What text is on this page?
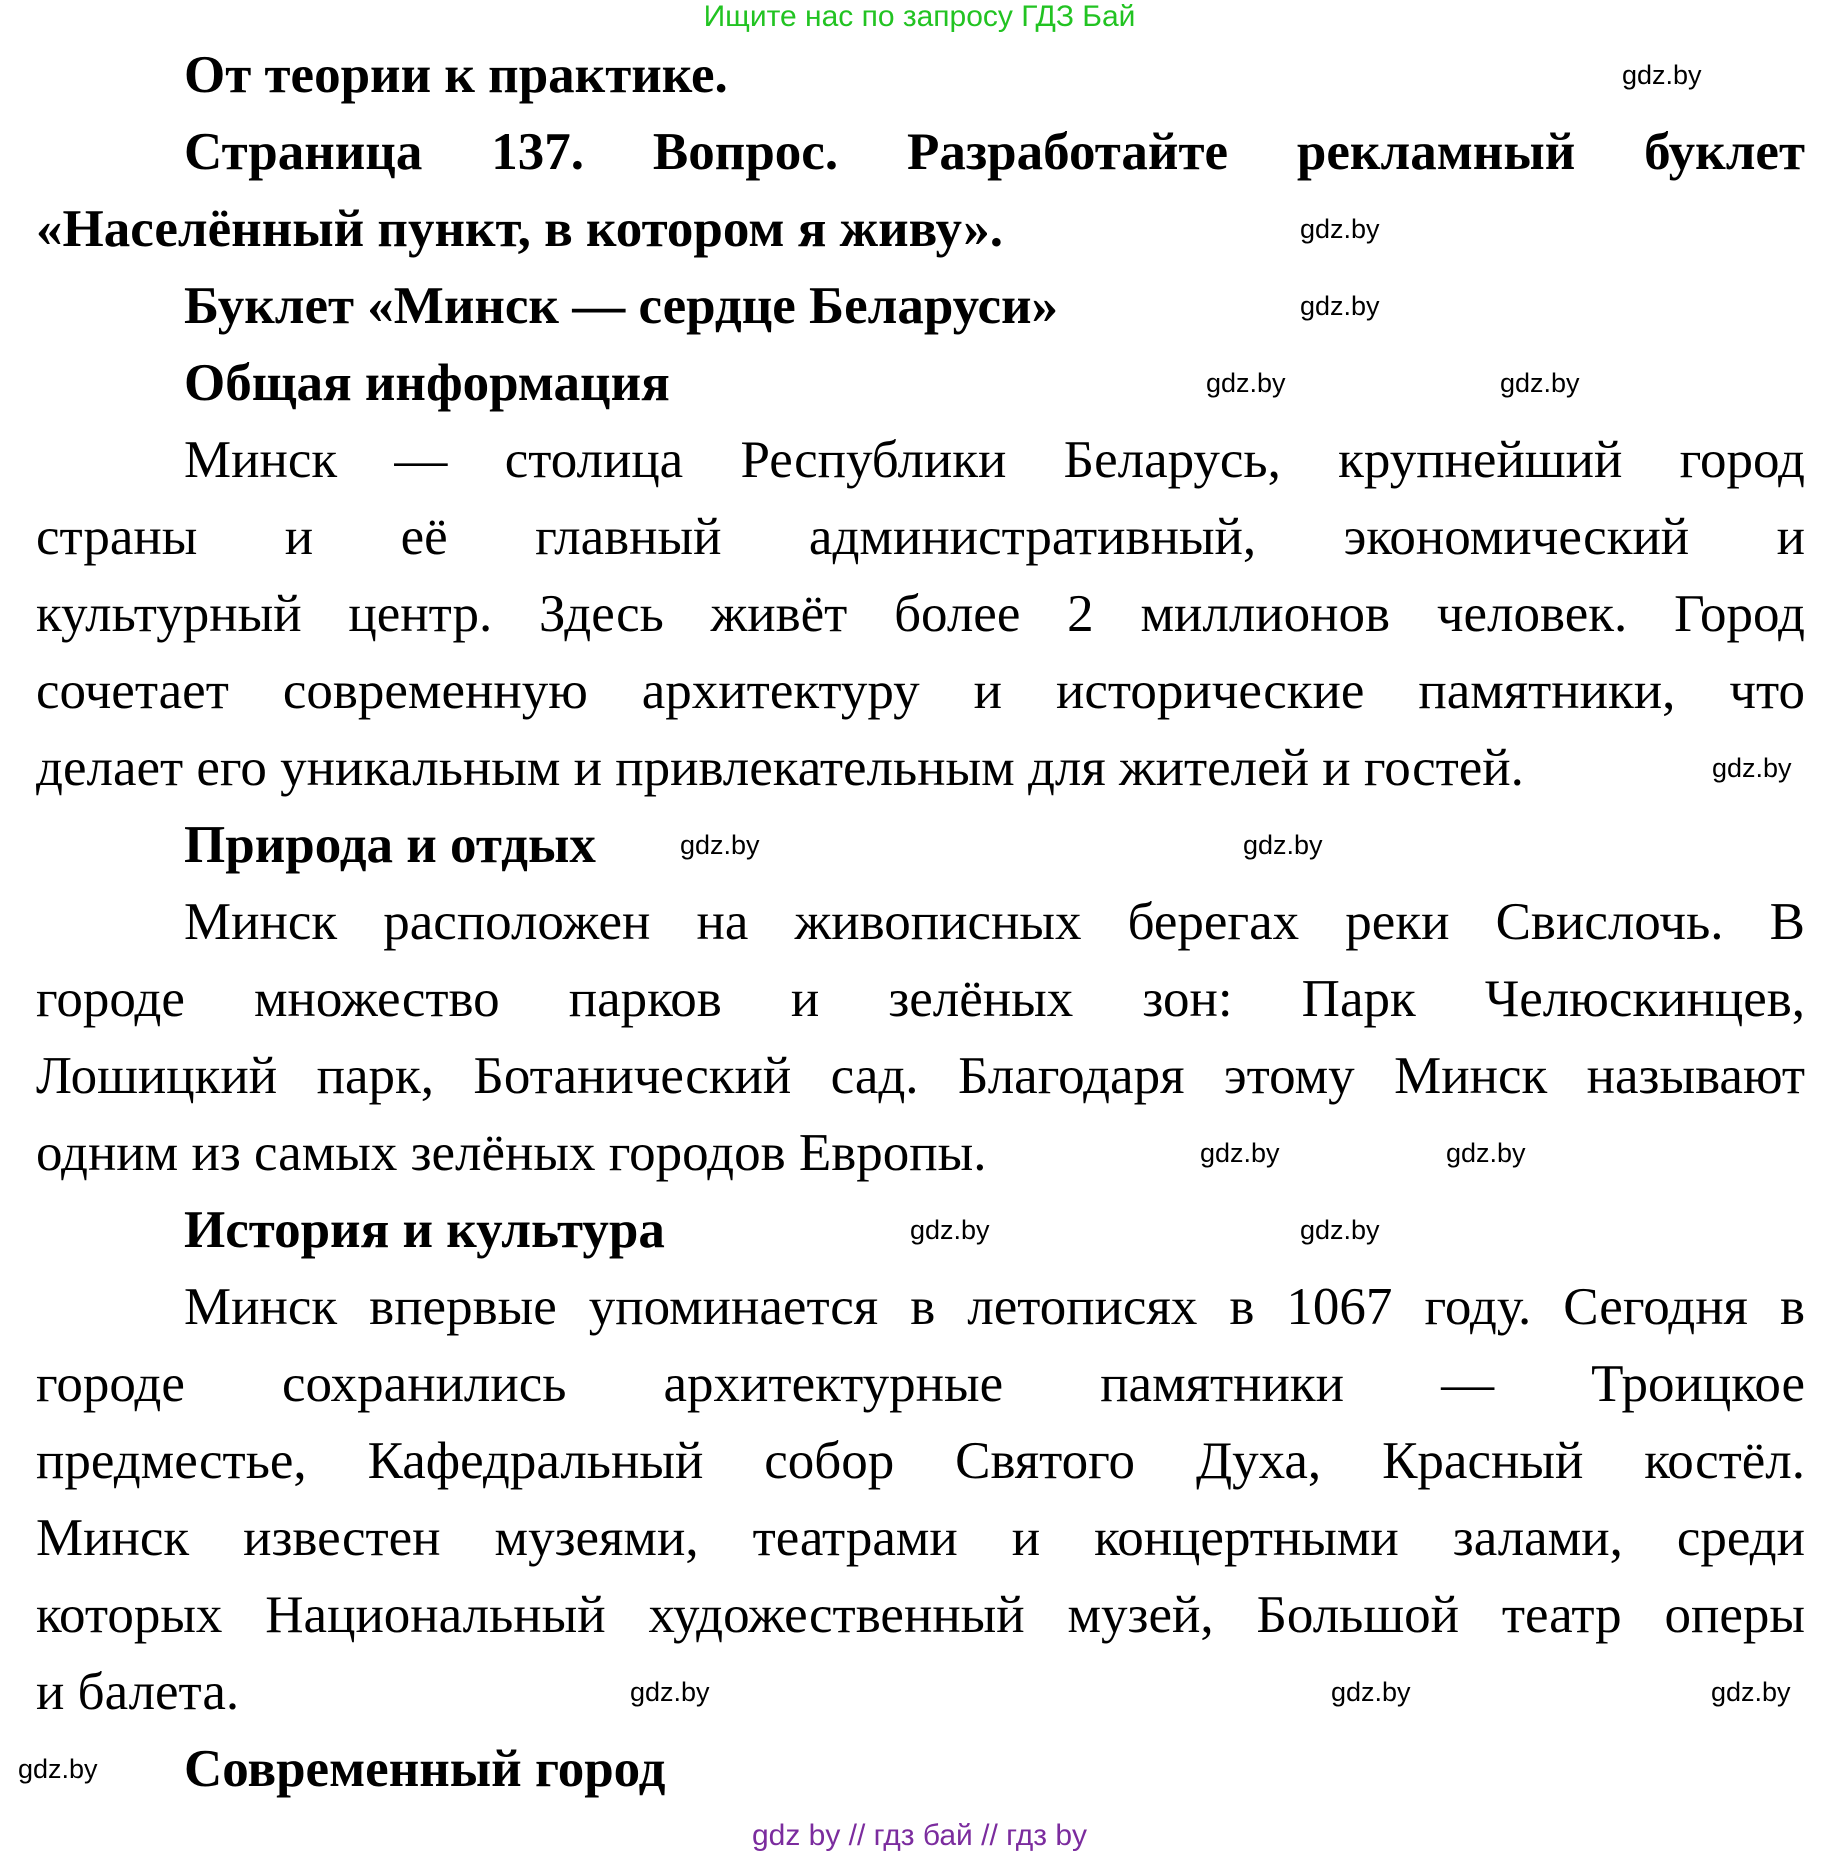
Ищите нас по запросу ГДЗ Бай
От теории к практике.
Страница 137. Вопрос. Разработайте рекламный буклет
«Населённый пункт, в котором я живу».
Буклет «Минск — сердце Беларуси»
Общая информация
Минск — столица Республики Беларусь, крупнейший город
страны и её главный административный, экономический и
культурный центр. Здесь живёт более 2 миллионов человек. Город
сочетает современную архитектуру и исторические памятники, что
делает его уникальным и привлекательным для жителей и гостей.
Природа и отдых
Минск расположен на живописных берегах реки Свислочь. В
городе множество парков и зелёных зон: Парк Челюскинцев,
Лошицкий парк, Ботанический сад. Благодаря этому Минск называют
одним из самых зелёных городов Европы.
История и культура
Минск впервые упоминается в летописях в 1067 году. Сегодня в
городе сохранились архитектурные памятники — Троицкое
предместье, Кафедральный собор Святого Духа, Красный костёл.
Минск известен музеями, театрами и концертными залами, среди
которых Национальный художественный музей, Большой театр оперы
и балета.
Современный город
gdz.by
gdz.by
gdz.by
gdz.by	gdz.by
gdz.by
gdz.by
gdz.by
gdz.by	gdz.by
gdz.by	gdz.by
gdz.by
gdz.by
gdz.by
gdz.by
gdz by // гдз бай // гдз by
